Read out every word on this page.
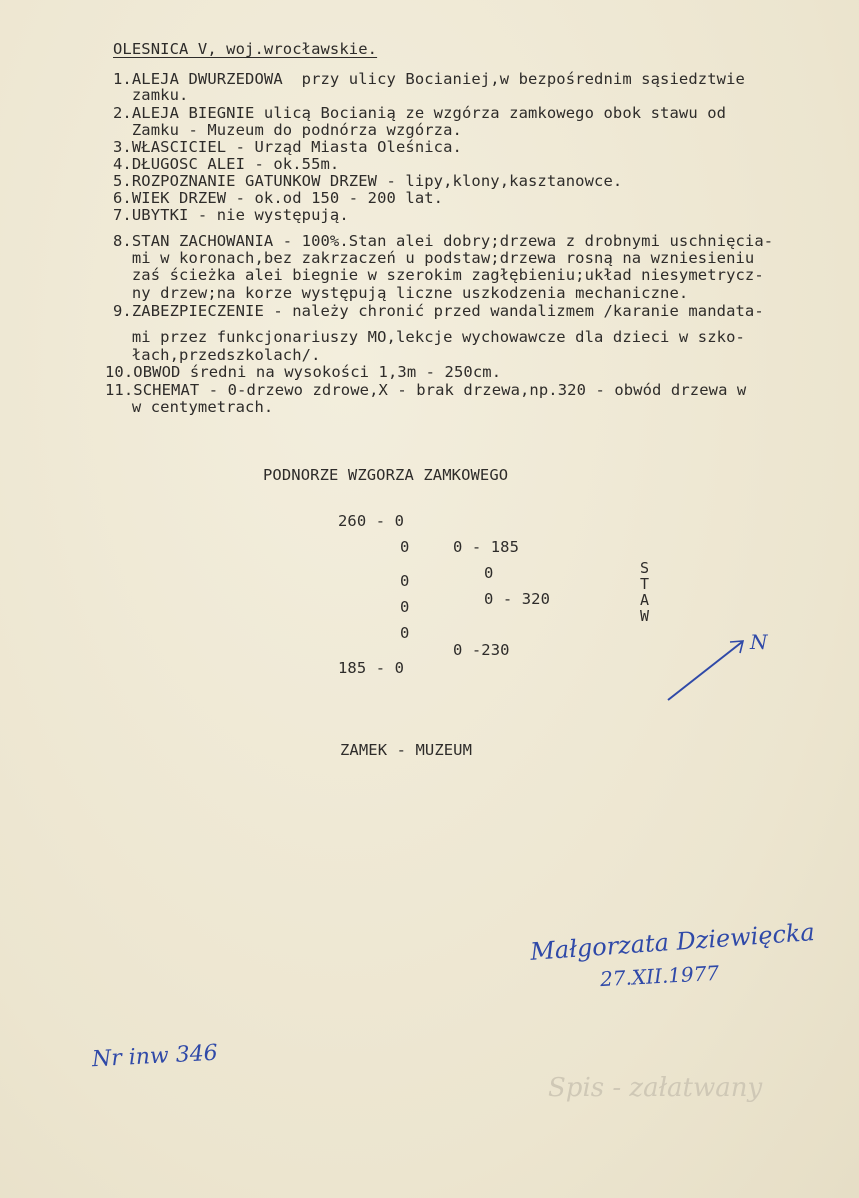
OLESNICA V, woj.wrocławskie.
1.ALEJA DWURZEDOWA  przy ulicy Bocianiej,w bezpośrednim sąsiedztwie
zamku.
2.ALEJA BIEGNIE ulicą Bocianią ze wzgórza zamkowego obok stawu od
Zamku - Muzeum do podnórza wzgórza.
3.WŁASCICIEL - Urząd Miasta Oleśnica.
4.DŁUGOSC ALEI - ok.55m.
5.ROZPOZNANIE GATUNKOW DRZEW - lipy,klony,kasztanowce.
6.WIEK DRZEW - ok.od 150 - 200 lat.
7.UBYTKI - nie występują.
8.STAN ZACHOWANIA - 100%.Stan alei dobry;drzewa z drobnymi uschnięcia-
mi w koronach,bez zakrzaczeń u podstaw;drzewa rosną na wzniesieniu
zaś ścieżka alei biegnie w szerokim zagłębieniu;układ niesymetrycz-
ny drzew;na korze występują liczne uszkodzenia mechaniczne.
9.ZABEZPIECZENIE - należy chronić przed wandalizmem /karanie mandata-
mi przez funkcjonariuszy MO,lekcje wychowawcze dla dzieci w szko-
łach,przedszkolach/.
10.OBWOD średni na wysokości 1,3m - 250cm.
11.SCHEMAT - 0-drzewo zdrowe,X - brak drzewa,np.320 - obwód drzewa w
w centymetrach.
PODNORZE WZGORZA ZAMKOWEGO
260 - 0
0
0
0
0
185 - 0
0 - 185
0
0 - 320
0 -230
S
T
A
W
N
ZAMEK - MUZEUM
Małgorzata Dziewięcka
27.XII.1977
Nr inw 346
Spis - załatwany
